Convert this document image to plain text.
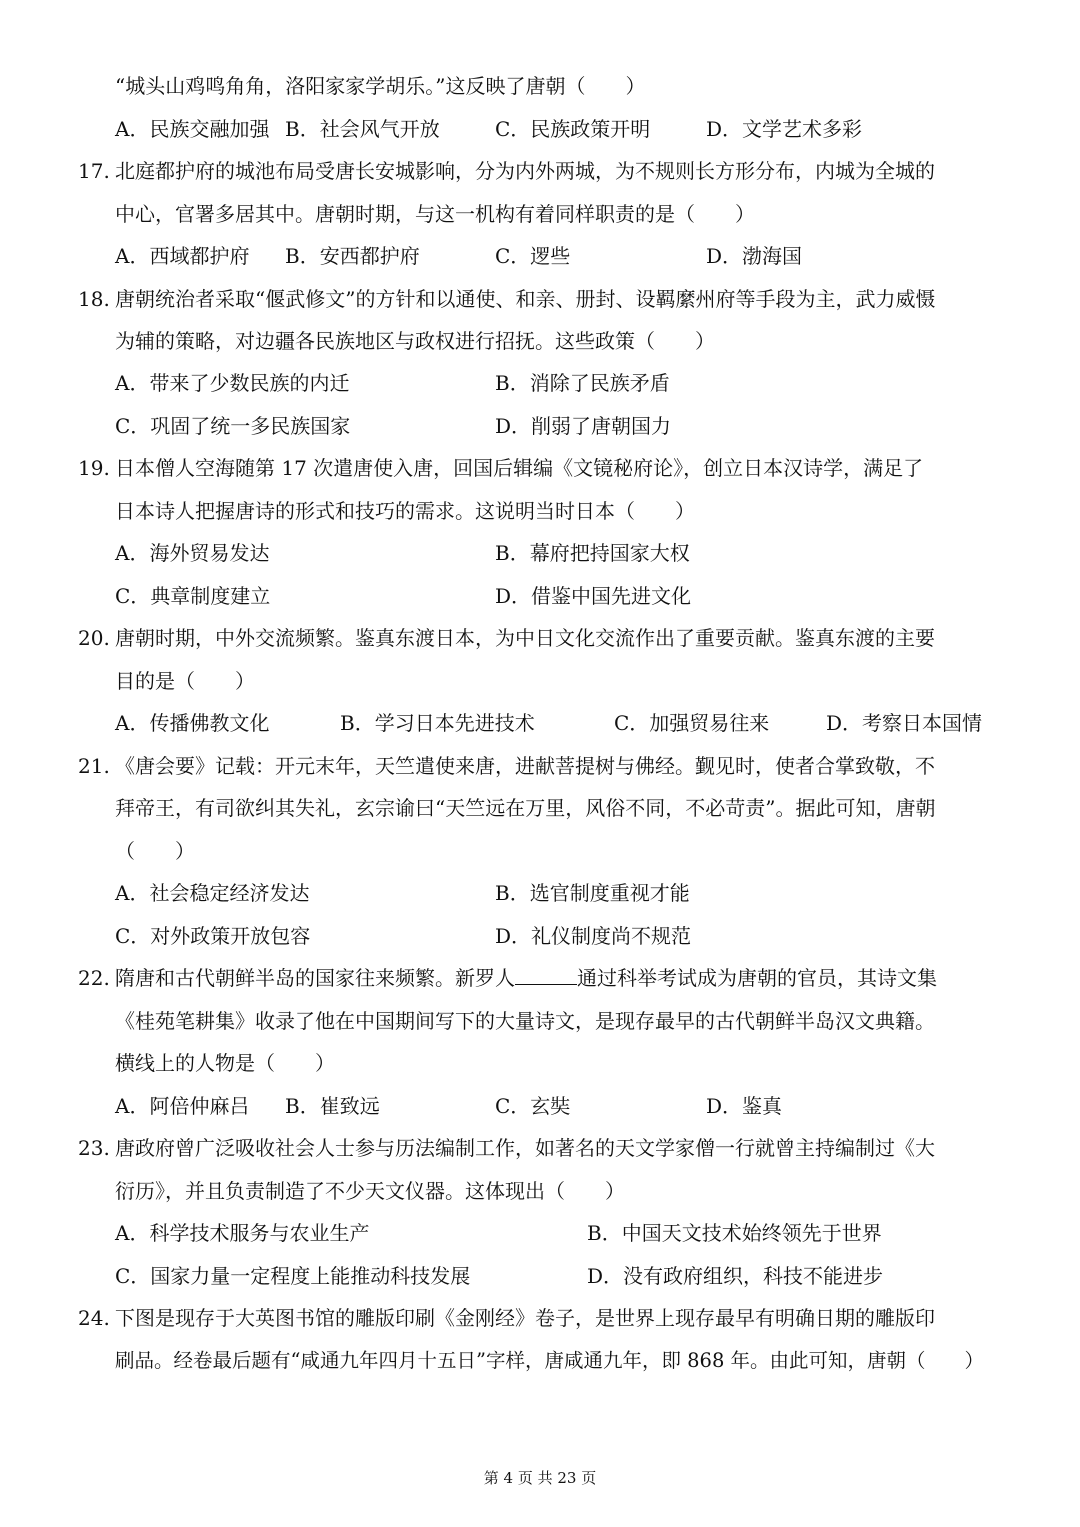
“城头山鸡鸣角角，洛阳家家学胡乐。”这反映了唐朝（　　）
A．民族交融加强 B．社会风气开放	C．民族政策开明	D．文学艺术多彩
17. 北庭都护府的城池布局受唐长安城影响，分为内外两城，为不规则长方形分布，内城为全城的
中心，官署多居其中。唐朝时期，与这一机构有着同样职责的是（　　）
A．西域都护府 B．安西都护府	C．逻些	D．渤海国
18. 唐朝统治者采取“偃武修文”的方针和以通使、和亲、册封、设羁縻州府等手段为主，武力威慑
为辅的策略，对边疆各民族地区与政权进行招抚。这些政策（　　）
A．带来了少数民族的内迁	B．消除了民族矛盾
C．巩固了统一多民族国家	D．削弱了唐朝国力
19. 日本僧人空海随第 17 次遣唐使入唐，回国后辑编《文镜秘府论》，创立日本汉诗学，满足了
日本诗人把握唐诗的形式和技巧的需求。这说明当时日本（　　）
A．海外贸易发达	B．幕府把持国家大权
C．典章制度建立	D．借鉴中国先进文化
20. 唐朝时期，中外交流频繁。鉴真东渡日本，为中日文化交流作出了重要贡献。鉴真东渡的主要
目的是（　　）
A．传播佛教文化	B．学习日本先进技术	C．加强贸易往来	D．考察日本国情
21. 《唐会要》记载：开元末年，天竺遣使来唐，进献菩提树与佛经。觐见时，使者合掌致敬，不
拜帝王，有司欲纠其失礼，玄宗谕曰“天竺远在万里，风俗不同，不必苛责”。据此可知，唐朝
（　　）
A．社会稳定经济发达	B．选官制度重视才能
C．对外政策开放包容	D．礼仪制度尚不规范
22. 隋唐和古代朝鲜半岛的国家往来频繁。新罗人	通过科举考试成为唐朝的官员，其诗文集
《桂苑笔耕集》收录了他在中国期间写下的大量诗文，是现存最早的古代朝鲜半岛汉文典籍。
横线上的人物是（　　）
A．阿倍仲麻吕 B．崔致远	C．玄奘	D．鉴真
23. 唐政府曾广泛吸收社会人士参与历法编制工作，如著名的天文学家僧一行就曾主持编制过《大
衍历》，并且负责制造了不少天文仪器。这体现出（　　）
A．科学技术服务与农业生产	B．中国天文技术始终领先于世界
C．国家力量一定程度上能推动科技发展	D．没有政府组织，科技不能进步
24. 下图是现存于大英图书馆的雕版印刷《金刚经》卷子，是世界上现存最早有明确日期的雕版印
刷品。经卷最后题有“咸通九年四月十五日”字样，唐咸通九年，即 868 年。由此可知，唐朝（　　）
第 4 页 共 23 页
